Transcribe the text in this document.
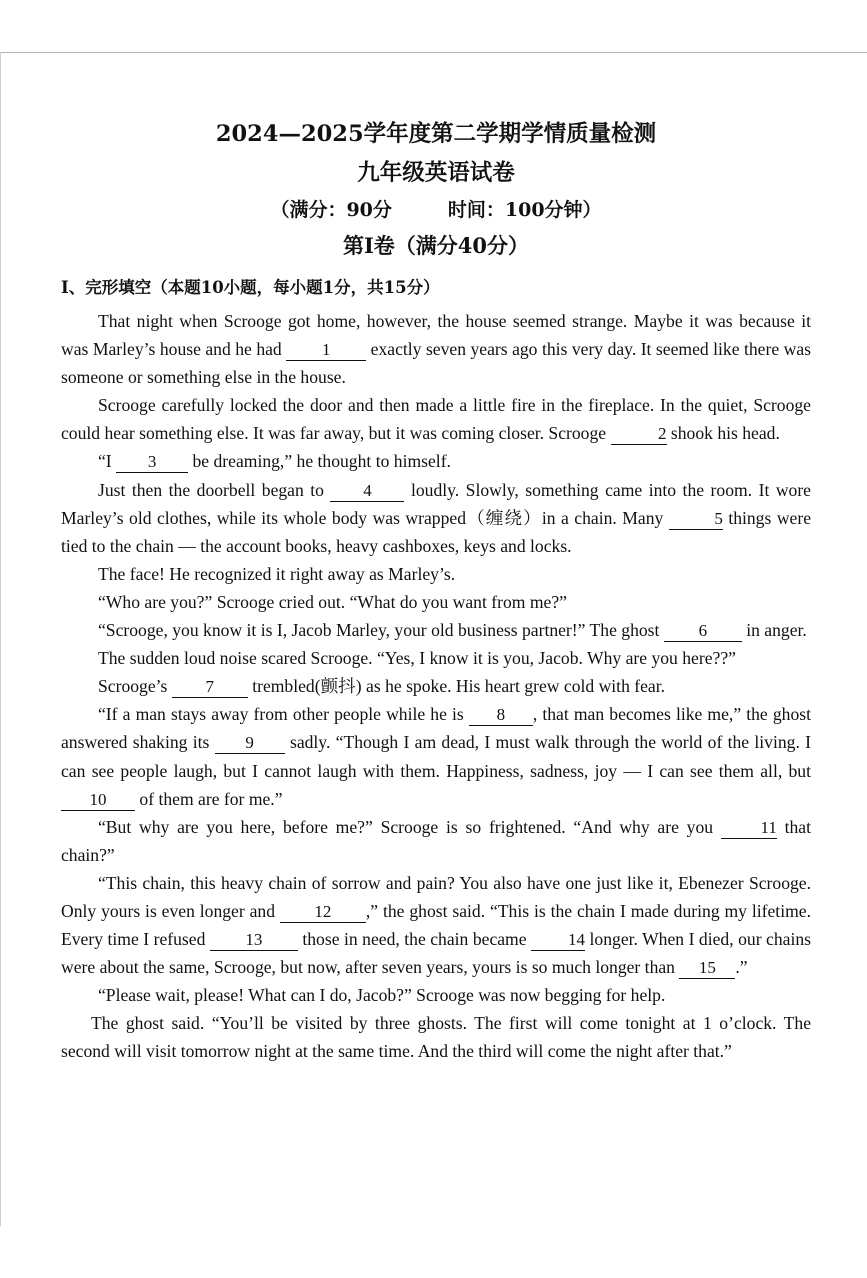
2024—2025学年度第二学期学情质量检测
九年级英语试卷
（满分：90分	时间：100分钟）
第Ⅰ卷（满分40分）
I、完形填空（本题10小题，每小题1分，共15分）

That night when Scrooge got home, however, the house seemed strange. Maybe it was because it was Marley’s house and he had 1 exactly seven years ago this very day. It seemed like there was someone or something else in the house.

Scrooge carefully locked the door and then made a little fire in the fireplace. In the quiet, Scrooge could hear something else. It was far away, but it was coming closer. Scrooge	2 shook his head.

“I 3 be dreaming,” he thought to himself.

Just then the doorbell began to 4 loudly. Slowly, something came into the room. It wore Marley’s old clothes, while its whole body was wrapped（缠绕）in a chain. Many	5 things were tied to the chain — the account books, heavy cashboxes, keys and locks.

The face! He recognized it right away as Marley’s.

“Who are you?” Scrooge cried out. “What do you want from me?”

“Scrooge, you know it is I, Jacob Marley, your old business partner!” The ghost 6 in anger.

The sudden loud noise scared Scrooge. “Yes, I know it is you, Jacob. Why are you here??”

Scrooge’s 7 trembled(颤抖) as he spoke. His heart grew cold with fear.

“If a man stays away from other people while he is 8 , that man becomes like me,” the ghost answered shaking its 9 sadly. “Though I am dead, I must walk through the world of the living. I can see people laugh, but I cannot laugh with them. Happiness, sadness, joy — I can see them all, but 10 of them are for me.”

“But why are you here, before me?” Scrooge is so frightened. “And why are you 11 that chain?”

“This chain, this heavy chain of sorrow and pain? You also have one just like it, Ebenezer Scrooge. Only yours is even longer and 12 ,” the ghost said. “This is the chain I made during my lifetime. Every time I refused 13 those in need, the chain became 14 longer. When I died, our chains were about the same, Scrooge, but now, after seven years, yours is so much longer than 15 .”

“Please wait, please! What can I do, Jacob?” Scrooge was now begging for help.

The ghost said. “You’ll be visited by three ghosts. The first will come tonight at 1 o’clock. The second will visit tomorrow night at the same time. And the third will come the night after that.”
